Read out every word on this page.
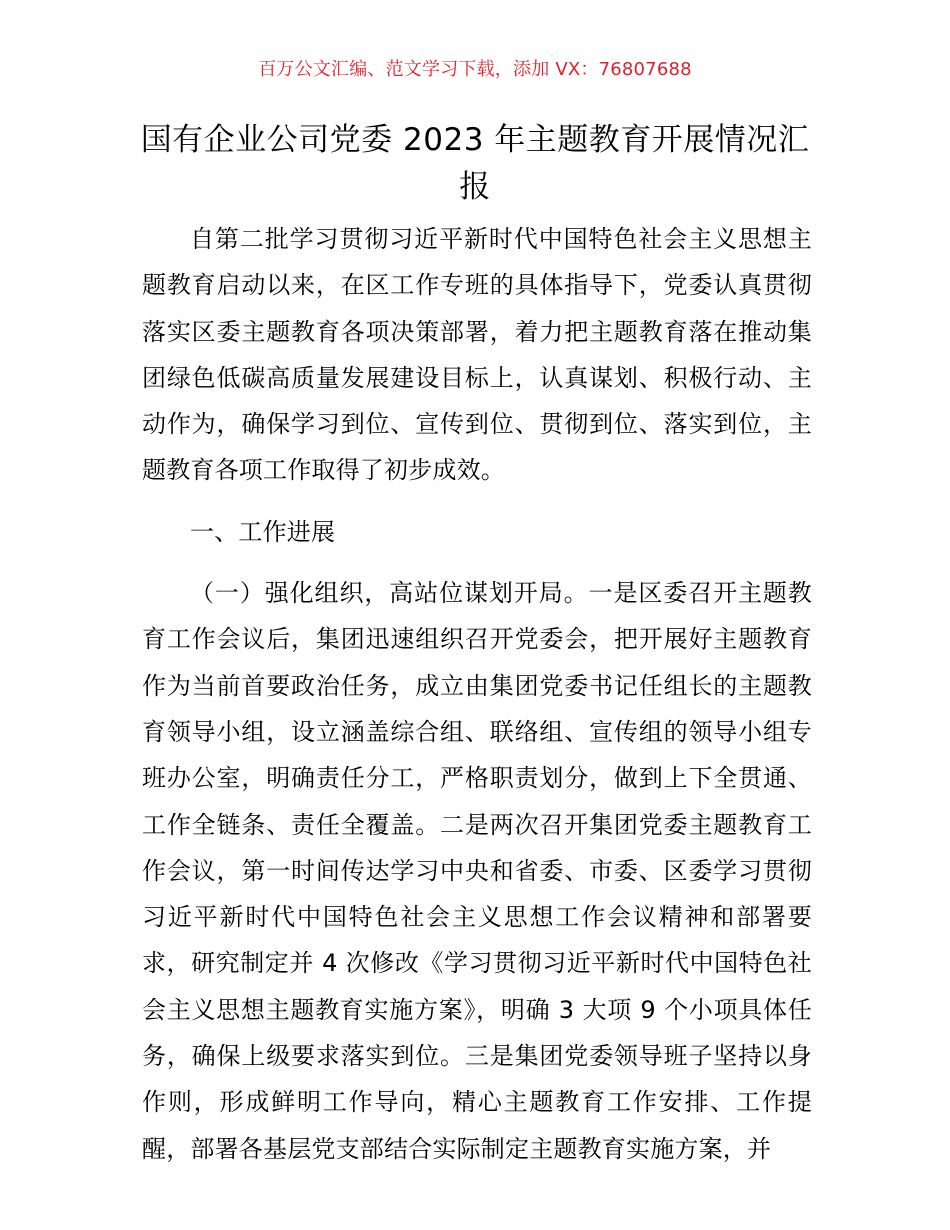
百万公文汇编、范文学习下载，添加 VX：76807688
国有企业公司党委 2023 年主题教育开展情况汇报

自第二批学习贯彻习近平新时代中国特色社会主义思想主题教育启动以来，在区工作专班的具体指导下，党委认真贯彻落实区委主题教育各项决策部署，着力把主题教育落在推动集团绿色低碳高质量发展建设目标上，认真谋划、积极行动、主动作为，确保学习到位、宣传到位、贯彻到位、落实到位，主题教育各项工作取得了初步成效。

一、工作进展

（一）强化组织，高站位谋划开局。一是区委召开主题教育工作会议后，集团迅速组织召开党委会，把开展好主题教育作为当前首要政治任务，成立由集团党委书记任组长的主题教育领导小组，设立涵盖综合组、联络组、宣传组的领导小组专班办公室，明确责任分工，严格职责划分，做到上下全贯通、工作全链条、责任全覆盖。二是两次召开集团党委主题教育工作会议，第一时间传达学习中央和省委、市委、区委学习贯彻习近平新时代中国特色社会主义思想工作会议精神和部署要求，研究制定并 4 次修改《学习贯彻习近平新时代中国特色社会主义思想主题教育实施方案》，明确 3 大项 9 个小项具体任务，确保上级要求落实到位。三是集团党委领导班子坚持以身作则，形成鲜明工作导向，精心主题教育工作安排、工作提醒，部署各基层党支部结合实际制定主题教育实施方案，并
